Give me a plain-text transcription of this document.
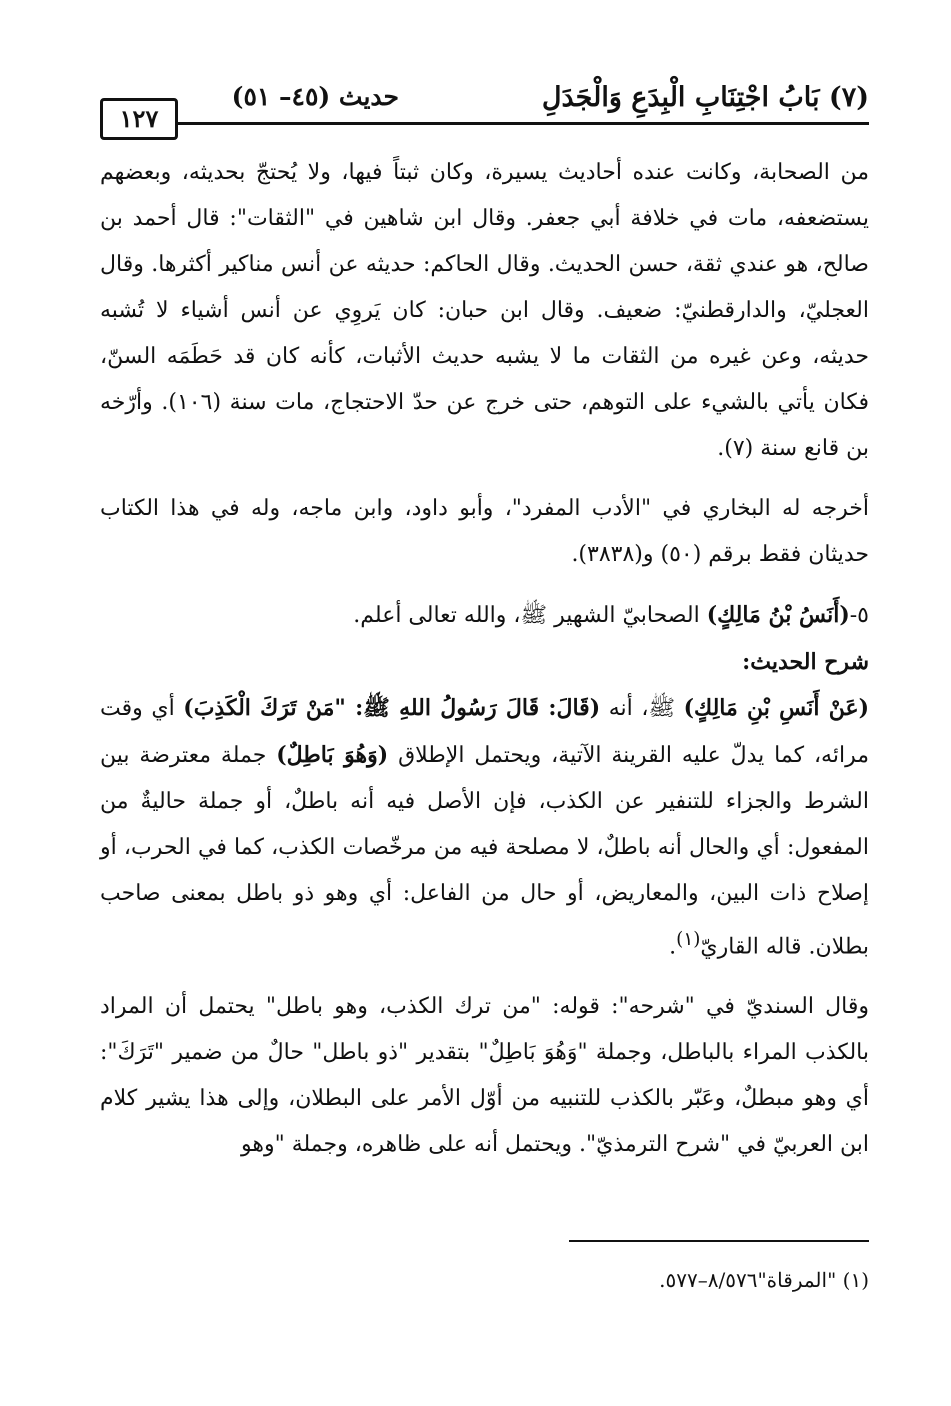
(٧) بَابُ اجْتِنَابِ الْبِدَعِ وَالْجَدَلِ
حديث (٤٥– ٥١)
١٢٧

من الصحابة، وكانت عنده أحاديث يسيرة، وكان ثبتاً فيها، ولا يُحتجّ بحديثه، وبعضهم يستضعفه، مات في خلافة أبي جعفر. وقال ابن شاهين في "الثقات": قال أحمد بن صالح، هو عندي ثقة، حسن الحديث. وقال الحاكم: حديثه عن أنس مناكير أكثرها. وقال العجليّ، والدارقطنيّ: ضعيف. وقال ابن حبان: كان يَروِي عن أنس أشياء لا تُشبه حديثه، وعن غيره من الثقات ما لا يشبه حديث الأثبات، كأنه كان قد حَطَمَه السنّ، فكان يأتي بالشيء على التوهم، حتى خرج عن حدّ الاحتجاج، مات سنة (١٠٦). وأرّخه بن قانع سنة (٧).

أخرجه له البخاري في "الأدب المفرد"، وأبو داود، وابن ماجه، وله في هذا الكتاب حديثان فقط برقم (٥٠) و(٣٨٣٨).

٥-(أَنَسُ بْنُ مَالِكٍ) الصحابيّ الشهير ﷺ، والله تعالى أعلم.

شرح الحديث:

(عَنْ أَنَسِ بْنِ مَالِكٍ) ﷺ، أنه (قَالَ: قَالَ رَسُولُ اللهِ ﷺ: "مَنْ تَرَكَ الْكَذِبَ) أي وقت مرائه، كما يدلّ عليه القرينة الآتية، ويحتمل الإطلاق (وَهُوَ بَاطِلٌ) جملة معترضة بين الشرط والجزاء للتنفير عن الكذب، فإن الأصل فيه أنه باطلٌ، أو جملة حاليةٌ من المفعول: أي والحال أنه باطلٌ، لا مصلحة فيه من مرخّصات الكذب، كما في الحرب، أو إصلاح ذات البين، والمعاريض، أو حال من الفاعل: أي وهو ذو باطل بمعنى صاحب بطلان. قاله القاريّ$^{(١)}$.

وقال السنديّ في "شرحه": قوله: "من ترك الكذب، وهو باطل" يحتمل أن المراد بالكذب المراء بالباطل، وجملة "وَهُوَ بَاطِلٌ" بتقدير "ذو باطل" حالٌ من ضمير "تَرَكَ": أي وهو مبطلٌ، وعَبّر بالكذب للتنبيه من أوّل الأمر على البطلان، وإلى هذا يشير كلام ابن العربيّ في "شرح الترمذيّ". ويحتمل أنه على ظاهره، وجملة "وهو

(١) "المرقاة"٨/٥٧٦–٥٧٧.
